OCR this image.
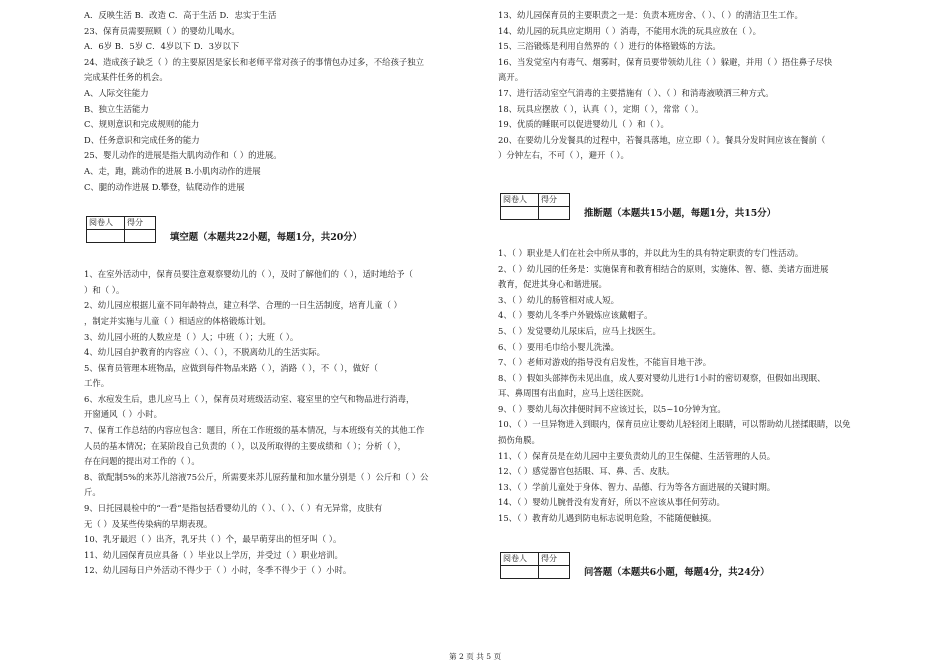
A．反映生活 B．改造 C．高于生活 D．忠实于生活
23、保育员需要照顾（ ）的婴幼儿喝水。
A．6岁 B．5岁 C．4岁以下 D．3岁以下
24、造成孩子缺乏（ ）的主要原因是家长和老师平常对孩子的事情包办过多，不给孩子独立
完成某件任务的机会。
A、人际交往能力
B、独立生活能力
C、规则意识和完成规则的能力
D、任务意识和完成任务的能力
25、婴儿动作的进展是指大肌肉动作和（ ）的进展。
A、走，跑，跳动作的进展 B.小肌肉动作的进展
C、腿的动作进展 D.攀登，钻爬动作的进展
阅卷人	得分
填空题（本题共22小题，每题1分，共20分）
1、在室外活动中，保育员要注意观察婴幼儿的（ ），及时了解他们的（ ），适时地给予（
）和（ ）。
2、幼儿园应根据儿童不同年龄特点，建立科学、合理的一日生活制度，培育儿童（ ）
，制定并实施与儿童（ ）相适应的体格锻炼计划。
3、幼儿园小班的人数应是（ ）人；中班（ ）；大班（ ）。
4、幼儿园自护教育的内容应（ ）、（ ），不脱离幼儿的生活实际。
5、保育员管理本班物品，应做到每件物品来路（ ），消路（ ），不（ ），做好（
工作。
6、水痘发生后，患儿应马上（ ），保育员对班级活动室、寝室里的空气和物品进行消毒，
开窗通风（ ）小时。
7、保育工作总结的内容应包含：题目，所在工作班级的基本情况，与本班级有关的其他工作
人员的基本情况；在某阶段自己负责的（ ），以及所取得的主要成绩和（ ）；分析（ ），
存在问题的提出对工作的（ ）。
8、欲配制5%的来苏儿溶液75公斤，所需要来苏儿原药量和加水量分别是（ ）公斤和（ ）公
斤。
9、日托园晨检中的“一看”是指包括看婴幼儿的（ ）、（ ）、（ ）有无异常，皮肤有
无（ ）及某些传染病的早期表现。
10、乳牙最迟（ ）出齐，乳牙共（ ）个，最早萌芽出的恒牙叫（ ）。
11、幼儿园保育员应具备（ ）毕业以上学历，并受过（ ）职业培训。
12、幼儿园每日户外活动不得少于（ ）小时，冬季不得少于（ ）小时。
13、幼儿园保育员的主要职责之一是：负责本班房舍、（ ）、（ ）的清洁卫生工作。
14、幼儿园的玩具应定期用（ ）消毒，不能用水洗的玩具应放在（ ）。
15、三浴锻炼是利用自然界的（ ）进行的体格锻炼的方法。
16、当发觉室内有毒气、烟雾时，保育员要带领幼儿往（ ）躲避，并用（ ）捂住鼻子尽快
离开。
17、进行活动室空气消毒的主要措施有（ ）、（ ）和消毒液喷洒三种方式。
18、玩具应摆放（ ），认真（ ），定期（ ），常常（ ）。
19、优质的睡眠可以促进婴幼儿（ ）和（ ）。
20、在要幼儿分发餐具的过程中，若餐具落地，应立即（ ）。餐具分发时间应该在餐前（
）分钟左右，不可（ ），避开（ ）。
阅卷人	得分
推断题（本题共15小题，每题1分，共15分）
1、（ ）职业是人们在社会中所从事的，并以此为生的具有特定职责的专门性活动。
2、（ ）幼儿园的任务是：实施保育和教育相结合的原则，实施体、智、德、美诸方面进展
教育，促进其身心和谐进展。
3、（ ）幼儿的肠管相对成人短。
4、（ ）婴幼儿冬季户外锻炼应该戴帽子。
5、（ ）发觉婴幼儿尿床后，应马上找医生。
6、（ ）要用毛巾给小婴儿洗澡。
7、（ ）老师对游戏的指导没有启发性，不能盲目地干涉。
8、（ ）假如头部摔伤未见出血，成人要对婴幼儿进行1小时的密切观察，但假如出现眠、
耳、鼻周围有出血时，应马上送往医院。
9、（ ）婴幼儿每次排便时间不应该过长，以5~10分钟为宜。
10、（ ）一旦异物进入到眼内，保育员应让婴幼儿轻轻闭上眼睛，可以帮助幼儿搓揉眼睛，以免
损伤角膜。
11、（ ）保育员是在幼儿园中主要负责幼儿的卫生保健、生活管理的人员。
12、（ ）感觉器官包括眼、耳、鼻、舌、皮肤。
13、（ ）学前儿童处于身体、智力、品德、行为等各方面进展的关键时期。
14、（ ）婴幼儿腕骨没有发育好，所以不应该从事任何劳动。
15、（ ）教育幼儿遇到防电标志说明危险，不能随便触摸。
阅卷人	得分
问答题（本题共6小题，每题4分，共24分）
第 2 页 共 5 页
